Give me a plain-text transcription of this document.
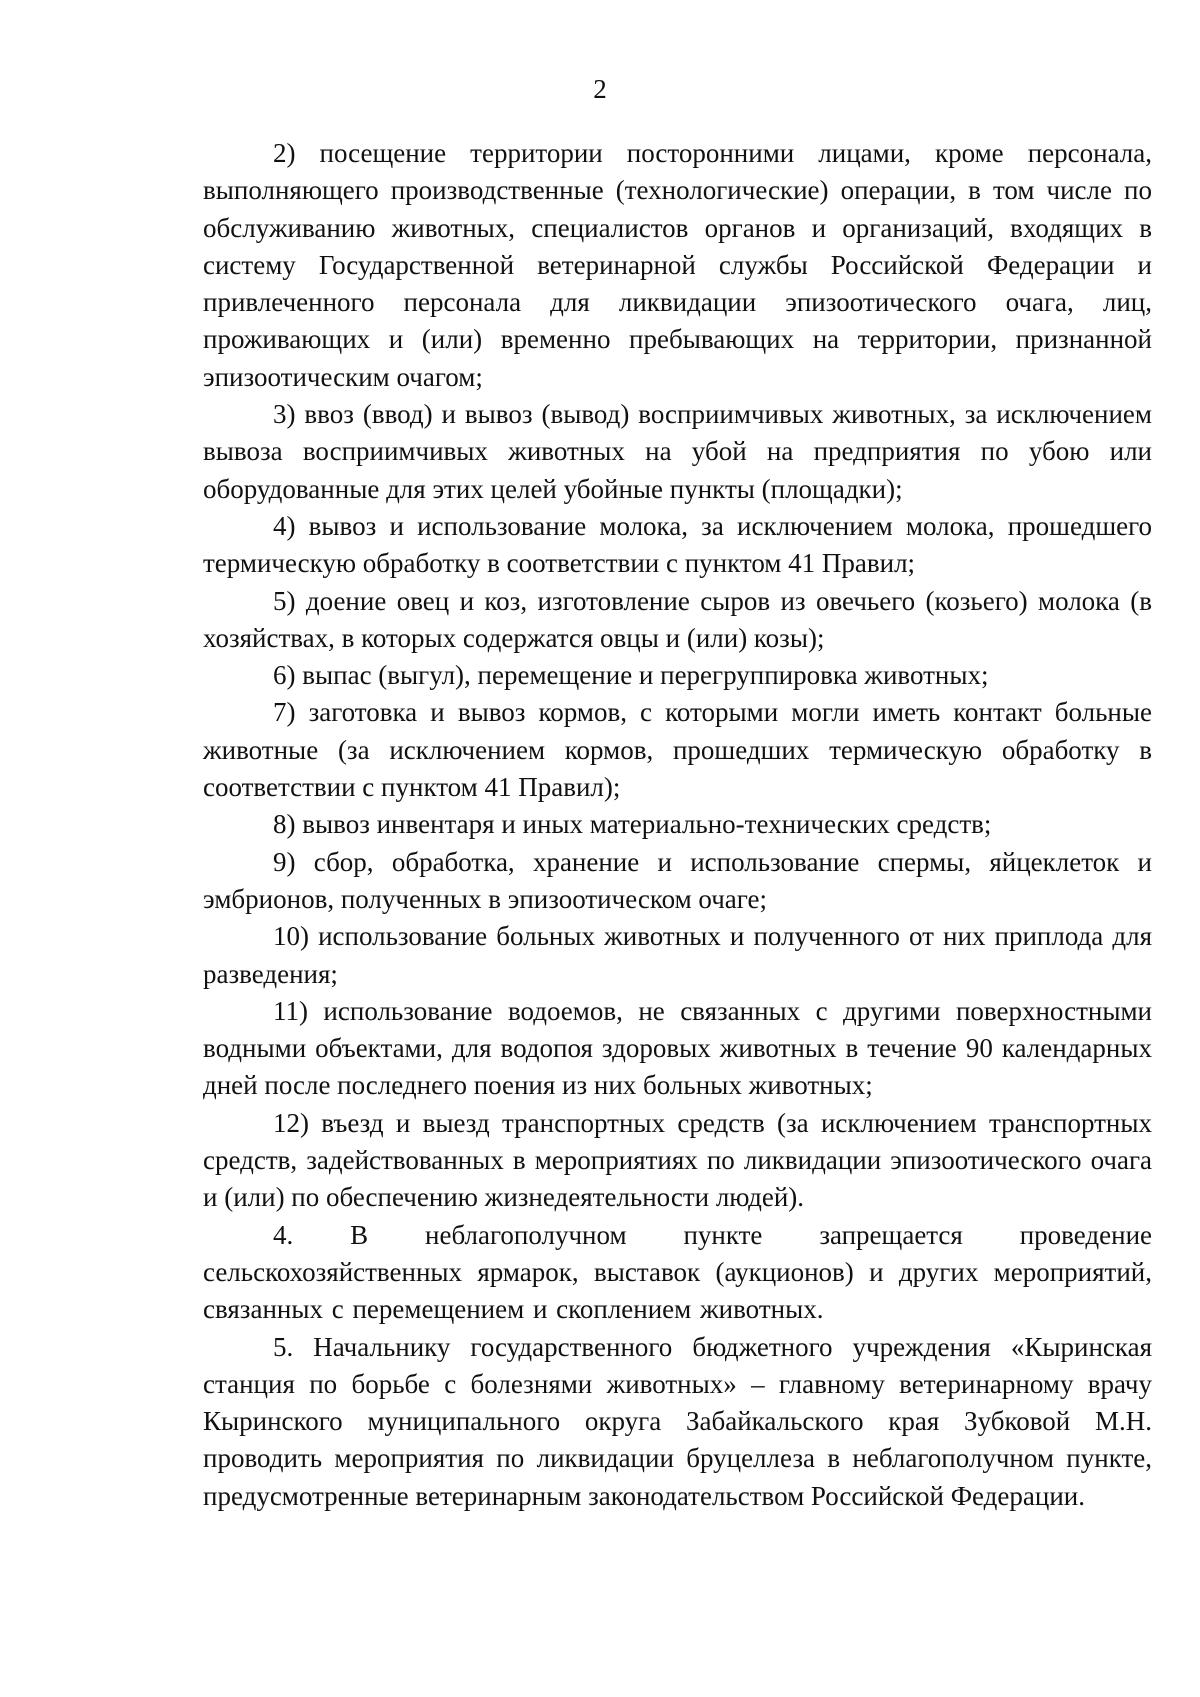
2

2) посещение территории посторонними лицами, кроме персонала, выполняющего производственные (технологические) операции, в том числе по обслуживанию животных, специалистов органов и организаций, входящих в систему Государственной ветеринарной службы Российской Федерации и привлеченного персонала для ликвидации эпизоотического очага, лиц, проживающих и (или) временно пребывающих на территории, признанной эпизоотическим очагом;

3) ввоз (ввод) и вывоз (вывод) восприимчивых животных, за исключением вывоза восприимчивых животных на убой на предприятия по убою или оборудованные для этих целей убойные пункты (площадки);

4) вывоз и использование молока, за исключением молока, прошедшего термическую обработку в соответствии с пунктом 41 Правил;

5) доение овец и коз, изготовление сыров из овечьего (козьего) молока (в хозяйствах, в которых содержатся овцы и (или) козы);

6) выпас (выгул), перемещение и перегруппировка животных;

7) заготовка и вывоз кормов, с которыми могли иметь контакт больные животные (за исключением кормов, прошедших термическую обработку в соответствии с пунктом 41 Правил);

8) вывоз инвентаря и иных материально-технических средств;

9) сбор, обработка, хранение и использование спермы, яйцеклеток и эмбрионов, полученных в эпизоотическом очаге;

10) использование больных животных и полученного от них приплода для разведения;

11) использование водоемов, не связанных с другими поверхностными водными объектами, для водопоя здоровых животных в течение 90 календарных дней после последнего поения из них больных животных;

12) въезд и выезд транспортных средств (за исключением транспортных средств, задействованных в мероприятиях по ликвидации эпизоотического очага и (или) по обеспечению жизнедеятельности людей).

4. В неблагополучном пункте запрещается проведение сельскохозяйственных ярмарок, выставок (аукционов) и других мероприятий, связанных с перемещением и скоплением животных.

5. Начальнику государственного бюджетного учреждения «Кыринская станция по борьбе с болезнями животных» – главному ветеринарному врачу Кыринского муниципального округа Забайкальского края Зубковой М.Н. проводить мероприятия по ликвидации бруцеллеза в неблагополучном пункте, предусмотренные ветеринарным законодательством Российской Федерации.
